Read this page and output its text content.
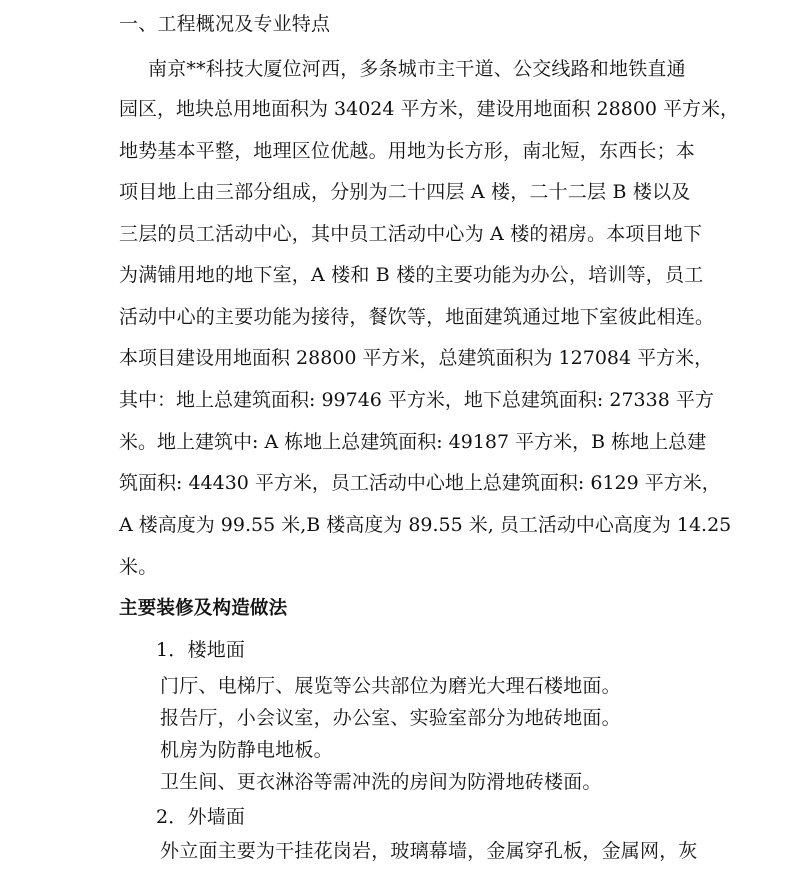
一、工程概况及专业特点
南京**科技大厦位河西，多条城市主干道、公交线路和地铁直通
园区，地块总用地面积为 34024 平方米，建设用地面积 28800 平方米，
地势基本平整，地理区位优越。用地为长方形，南北短，东西长；本
项目地上由三部分组成，分别为二十四层 A 楼，二十二层 B 楼以及
三层的员工活动中心，其中员工活动中心为 A 楼的裙房。本项目地下
为满铺用地的地下室，A 楼和 B 楼的主要功能为办公，培训等，员工
活动中心的主要功能为接待，餐饮等，地面建筑通过地下室彼此相连。
本项目建设用地面积 28800 平方米，总建筑面积为 127084 平方米，
其中：地上总建筑面积: 99746 平方米，地下总建筑面积: 27338 平方
米。地上建筑中: A 栋地上总建筑面积: 49187 平方米，B 栋地上总建
筑面积: 44430 平方米，员工活动中心地上总建筑面积: 6129 平方米，
A 楼高度为 99.55 米,B 楼高度为 89.55 米, 员工活动中心高度为 14.25
米。
主要装修及构造做法
1．楼地面
门厅、电梯厅、展览等公共部位为磨光大理石楼地面。
报告厅，小会议室，办公室、实验室部分为地砖地面。
机房为防静电地板。
卫生间、更衣淋浴等需冲洗的房间为防滑地砖楼面。
2．外墙面
外立面主要为干挂花岗岩，玻璃幕墙，金属穿孔板，金属网，灰
